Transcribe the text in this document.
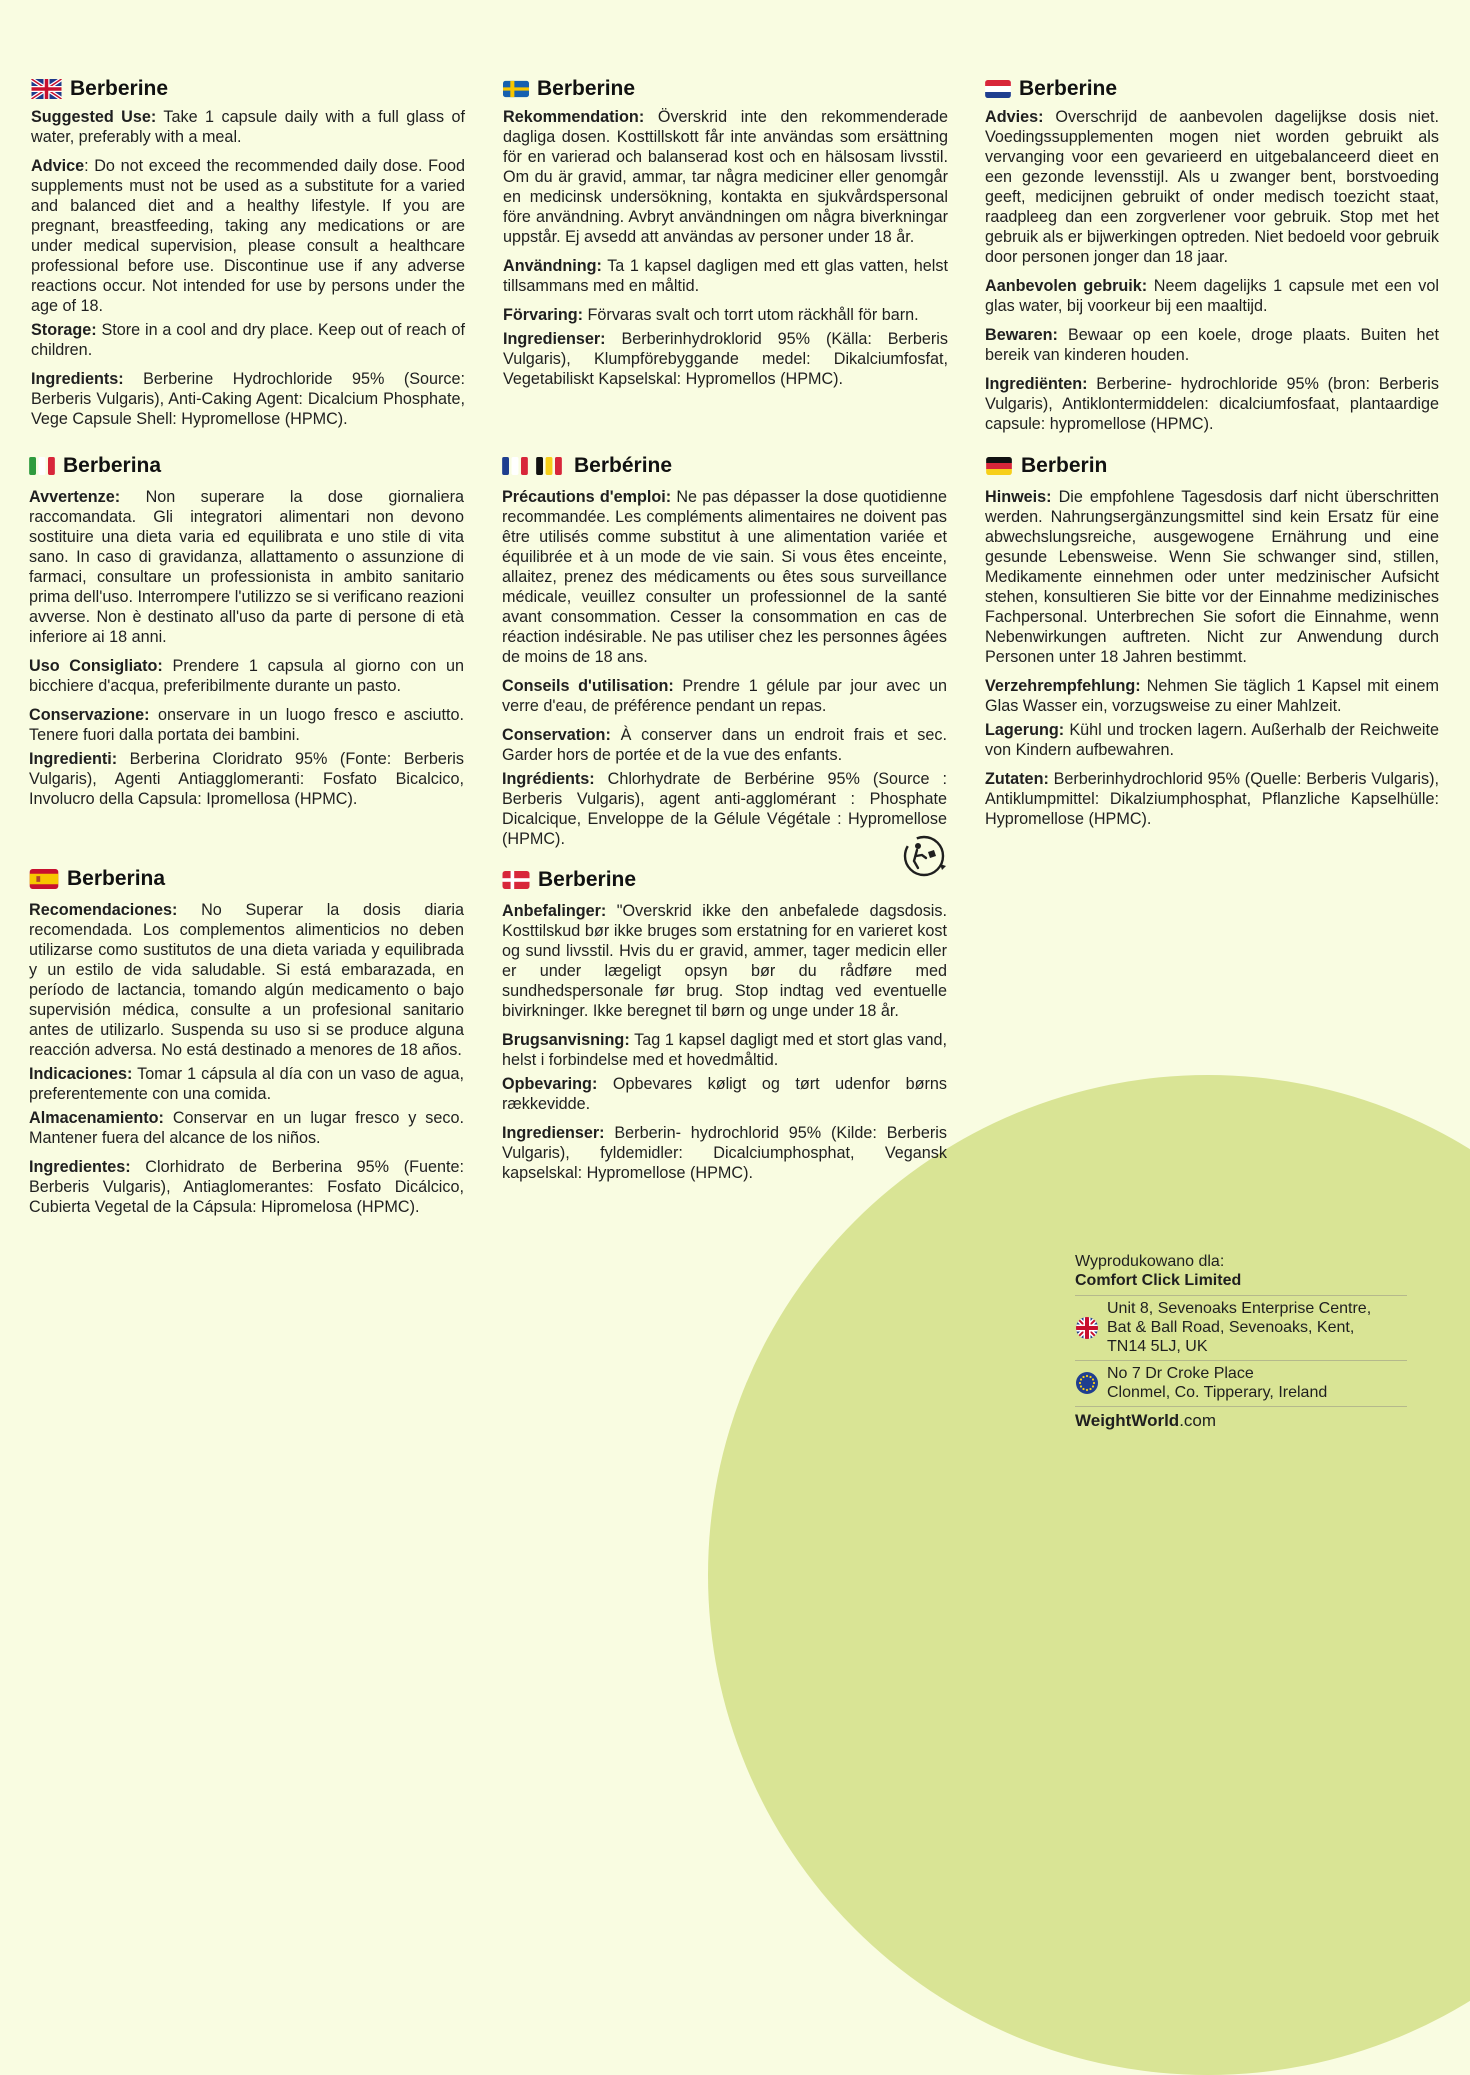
Berberine

Suggested Use: Take 1 capsule daily with a full glass of water, preferably with a meal.

Advice: Do not exceed the recommended daily dose. Food supplements must not be used as a substitute for a varied and balanced diet and a healthy lifestyle. If you are pregnant, breastfeeding, taking any medications or are under medical supervision, please consult a healthcare professional before use. Discontinue use if any adverse reactions occur. Not intended for use by persons under the age of 18.

Storage: Store in a cool and dry place. Keep out of reach of children.

Ingredients: Berberine Hydrochloride 95% (Source: Berberis Vulgaris), Anti-Caking Agent: Dicalcium Phosphate, Vege Capsule Shell: Hypromellose (HPMC).

Berberine

Rekommendation: Överskrid inte den rekommenderade dagliga dosen. Kosttillskott får inte användas som ersättning för en varierad och balanserad kost och en hälsosam livsstil. Om du är gravid, ammar, tar några mediciner eller genomgår en medicinsk undersökning, kontakta en sjukvårdspersonal före användning. Avbryt användningen om några biverkningar uppstår. Ej avsedd att användas av personer under 18 år.

Användning: Ta 1 kapsel dagligen med ett glas vatten, helst tillsammans med en måltid.

Förvaring: Förvaras svalt och torrt utom räckhåll för barn.

Ingredienser: Berberinhydroklorid 95% (Källa: Berberis Vulgaris), Klumpförebyggande medel: Dikalciumfosfat, Vegetabiliskt Kapselskal: Hypromellos (HPMC).

Berberine

Advies: Overschrijd de aanbevolen dagelijkse dosis niet. Voedingssupplementen mogen niet worden gebruikt als vervanging voor een gevarieerd en uitgebalanceerd dieet en een gezonde levensstijl. Als u zwanger bent, borstvoeding geeft, medicijnen gebruikt of onder medisch toezicht staat, raadpleeg dan een zorgverlener voor gebruik. Stop met het gebruik als er bijwerkingen optreden. Niet bedoeld voor gebruik door personen jonger dan 18 jaar.

Aanbevolen gebruik: Neem dagelijks 1 capsule met een vol glas water, bij voorkeur bij een maaltijd.

Bewaren: Bewaar op een koele, droge plaats. Buiten het bereik van kinderen houden.

Ingrediënten: Berberine- hydrochloride 95% (bron: Berberis Vulgaris), Antiklontermiddelen: dicalciumfosfaat, plantaardige capsule: hypromellose (HPMC).

Berberina

Avvertenze: Non superare la dose giornaliera raccomandata. Gli integratori alimentari non devono sostituire una dieta varia ed equilibrata e uno stile di vita sano. In caso di gravidanza, allattamento o assunzione di farmaci, consultare un professionista in ambito sanitario prima dell'uso. Interrompere l'utilizzo se si verificano reazioni avverse. Non è destinato all'uso da parte di persone di età inferiore ai 18 anni.

Uso Consigliato: Prendere 1 capsula al giorno con un bicchiere d'acqua, preferibilmente durante un pasto.

Conservazione: onservare in un luogo fresco e asciutto. Tenere fuori dalla portata dei bambini.

Ingredienti: Berberina Cloridrato 95% (Fonte: Berberis Vulgaris), Agenti Antiagglomeranti: Fosfato Bicalcico, Involucro della Capsula: Ipromellosa (HPMC).

Berbérine

Précautions d'emploi: Ne pas dépasser la dose quotidienne recommandée. Les compléments alimentaires ne doivent pas être utilisés comme substitut à une alimentation variée et équilibrée et à un mode de vie sain. Si vous êtes enceinte, allaitez, prenez des médicaments ou êtes sous surveillance médicale, veuillez consulter un professionnel de la santé avant consommation. Cesser la consommation en cas de réaction indésirable. Ne pas utiliser chez les personnes âgées de moins de 18 ans.

Conseils d'utilisation: Prendre 1 gélule par jour avec un verre d'eau, de préférence pendant un repas.

Conservation: À conserver dans un endroit frais et sec. Garder hors de portée et de la vue des enfants.

Ingrédients: Chlorhydrate de Berbérine 95% (Source : Berberis Vulgaris), agent anti-agglomérant : Phosphate Dicalcique, Enveloppe de la Gélule Végétale : Hypromellose (HPMC).

Berberin

Hinweis: Die empfohlene Tagesdosis darf nicht überschritten werden. Nahrungsergänzungsmittel sind kein Ersatz für eine abwechslungsreiche, ausgewogene Ernährung und eine gesunde Lebensweise. Wenn Sie schwanger sind, stillen, Medikamente einnehmen oder unter medzinischer Aufsicht stehen, konsultieren Sie bitte vor der Einnahme medizinisches Fachpersonal. Unterbrechen Sie sofort die Einnahme, wenn Nebenwirkungen auftreten. Nicht zur Anwendung durch Personen unter 18 Jahren bestimmt.

Verzehrempfehlung: Nehmen Sie täglich 1 Kapsel mit einem Glas Wasser ein, vorzugsweise zu einer Mahlzeit.

Lagerung: Kühl und trocken lagern. Außerhalb der Reichweite von Kindern aufbewahren.

Zutaten: Berberinhydrochlorid 95% (Quelle: Berberis Vulgaris), Antiklumpmittel: Dikalziumphosphat, Pflanzliche Kapselhülle: Hypromellose (HPMC).

Berberina

Recomendaciones: No Superar la dosis diaria recomendada. Los complementos alimenticios no deben utilizarse como sustitutos de una dieta variada y equilibrada y un estilo de vida saludable. Si está embarazada, en período de lactancia, tomando algún medicamento o bajo supervisión médica, consulte a un profesional sanitario antes de utilizarlo. Suspenda su uso si se produce alguna reacción adversa. No está destinado a menores de 18 años.

Indicaciones: Tomar 1 cápsula al día con un vaso de agua, preferentemente con una comida.

Almacenamiento: Conservar en un lugar fresco y seco. Mantener fuera del alcance de los niños.

Ingredientes: Clorhidrato de Berberina 95% (Fuente: Berberis Vulgaris), Antiaglomerantes: Fosfato Dicálcico, Cubierta Vegetal de la Cápsula: Hipromelosa (HPMC).

Berberine

Anbefalinger: "Overskrid ikke den anbefalede dagsdosis. Kosttilskud bør ikke bruges som erstatning for en varieret kost og sund livsstil. Hvis du er gravid, ammer, tager medicin eller er under lægeligt opsyn bør du rådføre med sundhedspersonale før brug. Stop indtag ved eventuelle bivirkninger. Ikke beregnet til børn og unge under 18 år.

Brugsanvisning: Tag 1 kapsel dagligt med et stort glas vand, helst i forbindelse med et hovedmåltid.

Opbevaring: Opbevares køligt og tørt udenfor børns rækkevidde.

Ingredienser: Berberin- hydrochlorid 95% (Kilde: Berberis Vulgaris), fyldemidler: Dicalciumphosphat, Vegansk kapselskal: Hypromellose (HPMC).

Wyprodukowano dla:
Comfort Click Limited
Unit 8, Sevenoaks Enterprise Centre,
Bat & Ball Road, Sevenoaks, Kent,
TN14 5LJ, UK
No 7 Dr Croke Place
Clonmel, Co. Tipperary, Ireland
WeightWorld.com
